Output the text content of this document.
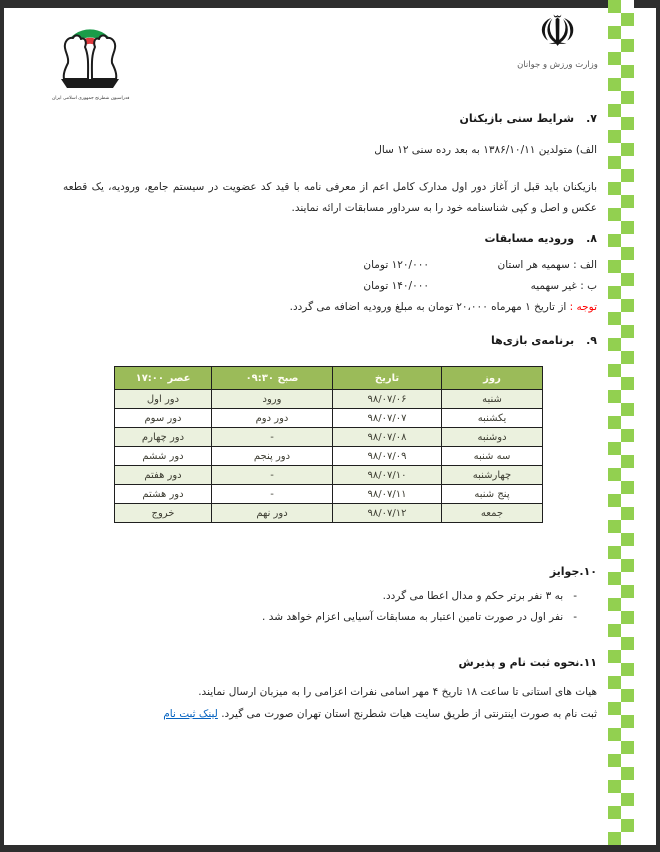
فدراسیون شطرنج جمهوری اسلامی ایران
☫
وزارت ورزش و جوانان
۷.شرایط سنی بازیکنان
الف) متولدین ۱۳۸۶/۱۰/۱۱ به بعد رده سنی ۱۲ سال
بازیکنان باید قبل از آغاز دور اول مدارک کامل اعم از معرفی نامه با قید کد عضویت در سیستم جامع، ورودیه، یک قطعه عکس و اصل و کپی شناسنامه خود را به سرداور مسابقات ارائه نمایند.
۸.ورودیه مسابقات
الف : سهمیه هر استان
۱۲۰/۰۰۰ تومان
ب : غیر سهمیه
۱۴۰/۰۰۰ تومان
توجه : از تاریخ ۱ مهرماه ۲۰،۰۰۰ تومان به مبلغ ورودیه اضافه می گردد.
۹.برنامه‌ی بازی‌ها
روز	تاریخ	صبح ۰۹:۳۰	عصر ۱۷:۰۰
شنبه	۹۸/۰۷/۰۶	ورود	دور اول
یکشنبه	۹۸/۰۷/۰۷	دور دوم	دور سوم
دوشنبه	۹۸/۰۷/۰۸	-	دور چهارم
سه شنبه	۹۸/۰۷/۰۹	دور پنجم	دور ششم
چهارشنبه	۹۸/۰۷/۱۰	-	دور هفتم
پنج شنبه	۹۸/۰۷/۱۱	-	دور هشتم
جمعه	۹۸/۰۷/۱۲	دور نهم	خروج
۱۰.جوایز
-به ۳ نفر برتر حکم و مدال اعطا می گردد.
-نفر اول در صورت تامین اعتبار به مسابقات آسیایی اعزام خواهد شد .
۱۱.نحوه ثبت نام و پذیرش
هیات های استانی تا ساعت ۱۸ تاریخ ۴ مهر اسامی نفرات اعزامی را به میزبان ارسال نمایند.
ثبت نام به صورت اینترنتی از طریق سایت هیات شطرنج استان تهران صورت می گیرد. لینک ثبت نام
